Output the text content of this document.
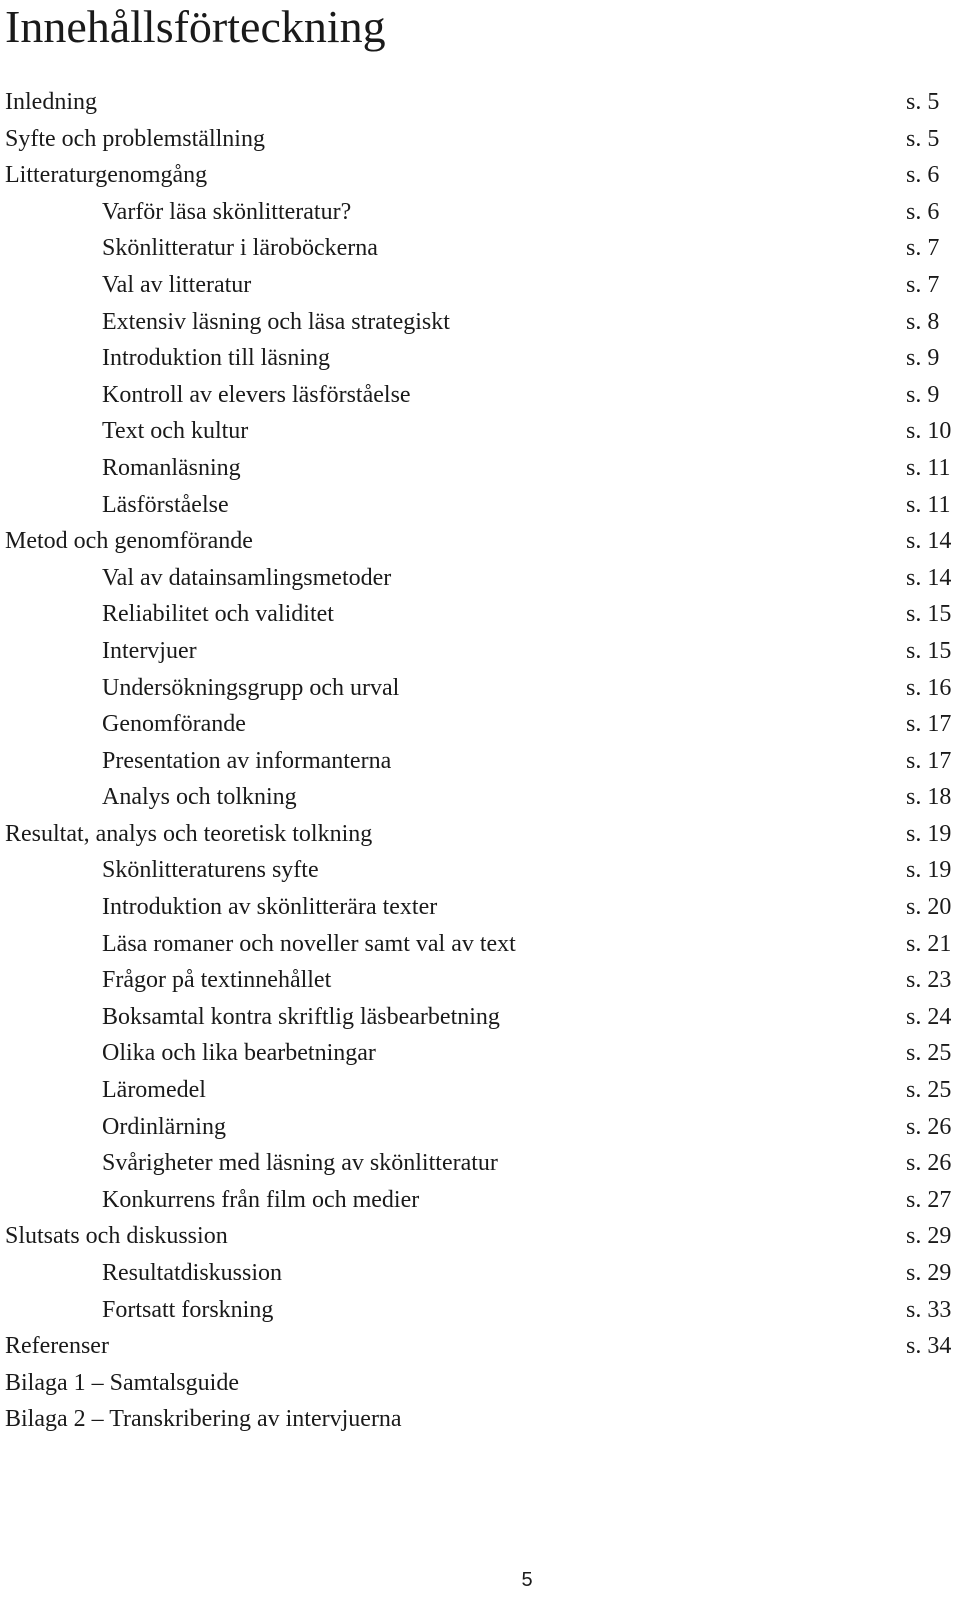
Innehållsförteckning
Inledning	s. 5
Syfte och problemställning	s. 5
Litteraturgenomgång	s. 6
Varför läsa skönlitteratur?	s. 6
Skönlitteratur i läroböckerna	s. 7
Val av litteratur	s. 7
Extensiv läsning och läsa strategiskt	s. 8
Introduktion till läsning	s. 9
Kontroll av elevers läsförståelse	s. 9
Text och kultur	s. 10
Romanläsning	s. 11
Läsförståelse	s. 11
Metod och genomförande	s. 14
Val av datainsamlingsmetoder	s. 14
Reliabilitet och validitet	s. 15
Intervjuer	s. 15
Undersökningsgrupp och urval	s. 16
Genomförande	s. 17
Presentation av informanterna	s. 17
Analys och tolkning	s. 18
Resultat, analys och teoretisk tolkning	s. 19
Skönlitteraturens syfte	s. 19
Introduktion av skönlitterära texter	s. 20
Läsa romaner och noveller samt val av text	s. 21
Frågor på textinnehållet	s. 23
Boksamtal kontra skriftlig läsbearbetning	s. 24
Olika och lika bearbetningar	s. 25
Läromedel	s. 25
Ordinlärning	s. 26
Svårigheter med läsning av skönlitteratur	s. 26
Konkurrens från film och medier	s. 27
Slutsats och diskussion	s. 29
Resultatdiskussion	s. 29
Fortsatt forskning	s. 33
Referenser	s. 34
Bilaga 1 – Samtalsguide
Bilaga 2 – Transkribering av intervjuerna
5
